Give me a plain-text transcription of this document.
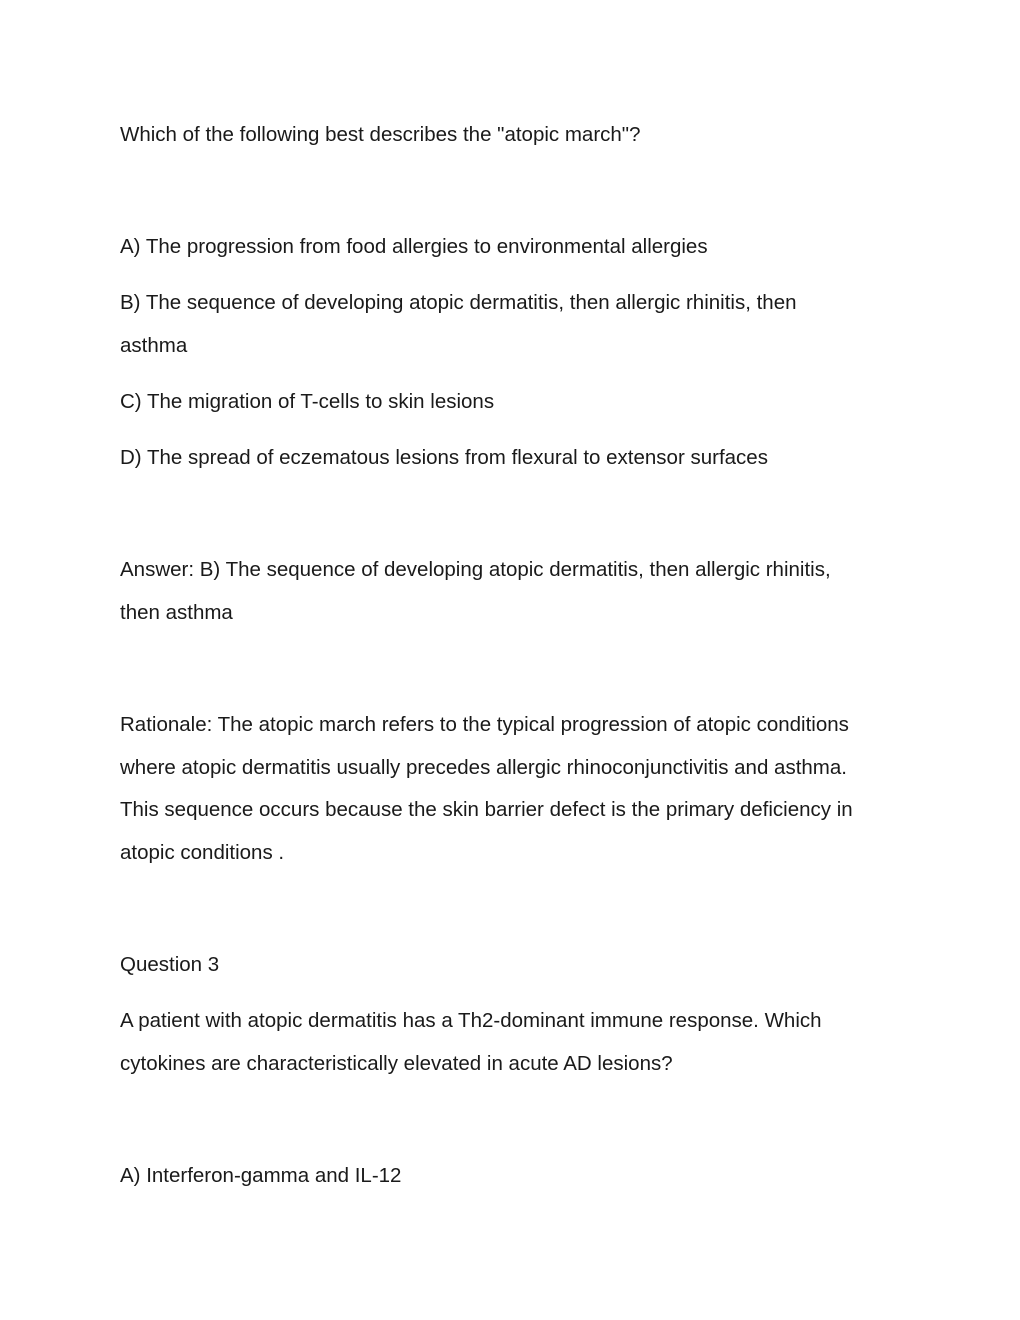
Which of the following best describes the "atopic march"?
A) The progression from food allergies to environmental allergies
B) The sequence of developing atopic dermatitis, then allergic rhinitis, then
asthma
C) The migration of T-cells to skin lesions
D) The spread of eczematous lesions from flexural to extensor surfaces
Answer: B) The sequence of developing atopic dermatitis, then allergic rhinitis,
then asthma
Rationale: The atopic march refers to the typical progression of atopic conditions
where atopic dermatitis usually precedes allergic rhinoconjunctivitis and asthma.
This sequence occurs because the skin barrier defect is the primary deficiency in
atopic conditions .
Question 3
A patient with atopic dermatitis has a Th2-dominant immune response. Which
cytokines are characteristically elevated in acute AD lesions?
A) Interferon-gamma and IL-12
